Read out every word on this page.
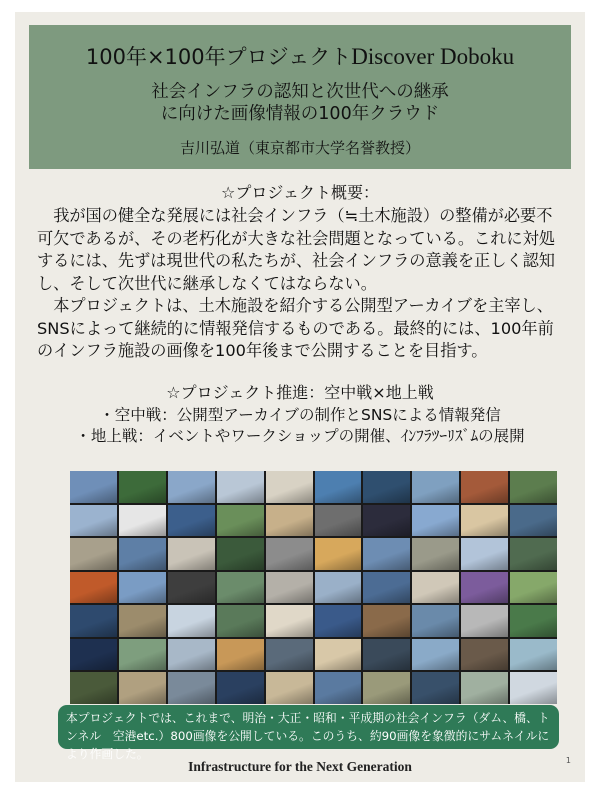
100年×100年プロジェクトDiscover Doboku
社会インフラの認知と次世代への継承
に向けた画像情報の100年クラウド
吉川弘道（東京都市大学名誉教授）
☆プロジェクト概要：
我が国の健全な発展には社会インフラ（≒土木施設）の整備が必要不可欠であるが、その老朽化が大きな社会問題となっている。これに対処するには、先ずは現世代の私たちが、社会インフラの意義を正しく認知し、そして次世代に継承しなくてはならない。
本プロジェクトは、土木施設を紹介する公開型アーカイブを主宰し、SNSによって継続的に情報発信するものである。最終的には、100年前のインフラ施設の画像を100年後まで公開することを目指す。
☆プロジェクト推進：空中戦×地上戦
・空中戦：公開型アーカイブの制作とSNSによる情報発信
・地上戦：イベントやワークショップの開催、ｲﾝﾌﾗﾂｰﾘｽﾞﾑの展開
本プロジェクトでは、これまで、明治・大正・昭和・平成期の社会インフラ（ダム、橋、トンネル　空港etc.）800画像を公開している。このうち、約90画像を象徴的にサムネイルにより作画した。
Infrastructure for the Next Generation	1
